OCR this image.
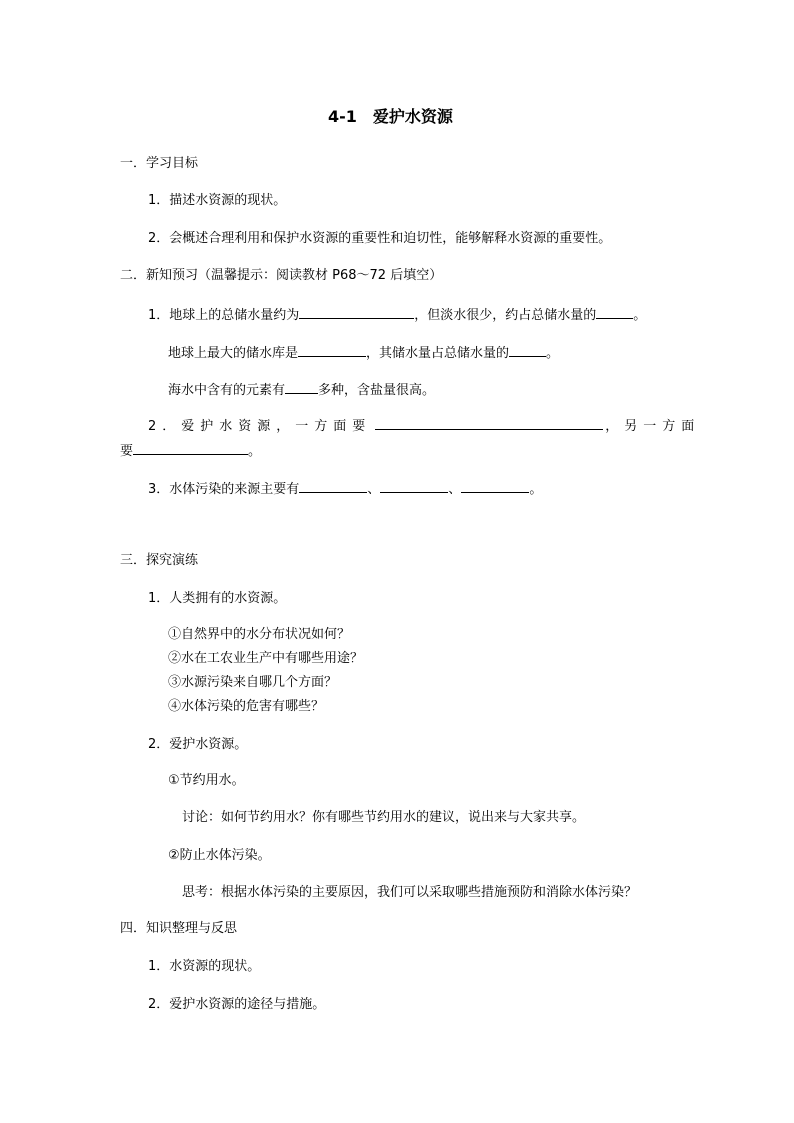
4-1　爱护水资源
一．学习目标
1．描述水资源的现状。
2．会概述合理利用和保护水资源的重要性和迫切性，能够解释水资源的重要性。
二．新知预习（温馨提示：阅读教材 P68～72 后填空）
1．地球上的总储水量约为	，但淡水很少，约占总储水量的	。
地球上最大的储水库是	，其储水量占总储水量的	。
海水中含有的元素有	多种，含盐量很高。
2．爱护水资源，一方面要	，另一方面
要	。
3．水体污染的来源主要有	、	、	。
三．探究演练
1．人类拥有的水资源。
①自然界中的水分布状况如何？
②水在工农业生产中有哪些用途？
③水源污染来自哪几个方面？
④水体污染的危害有哪些？
2．爱护水资源。
①节约用水。
讨论：如何节约用水？你有哪些节约用水的建议，说出来与大家共享。
②防止水体污染。
思考：根据水体污染的主要原因，我们可以采取哪些措施预防和消除水体污染？
四．知识整理与反思
1．水资源的现状。
2．爱护水资源的途径与措施。
